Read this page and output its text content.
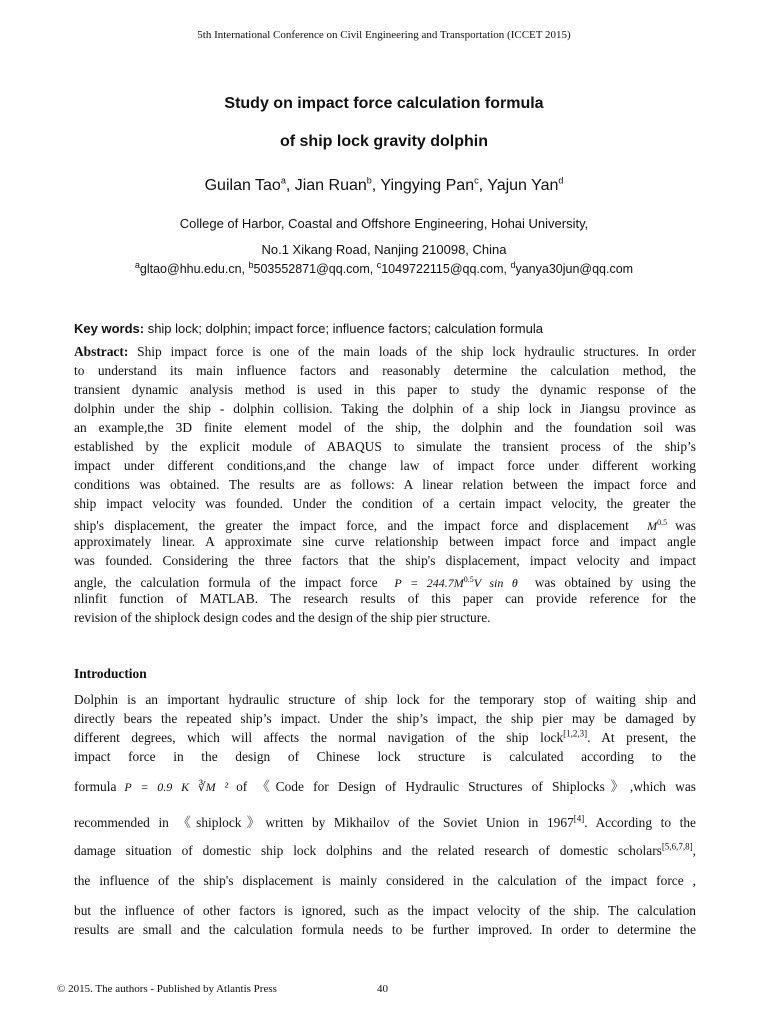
5th International Conference on Civil Engineering and Transportation (ICCET 2015)
Study on impact force calculation formula
of ship lock gravity dolphin
Guilan Tao$^a$, Jian Ruan$^b$, Yingying Pan$^c$, Yajun Yan$^d$
College of Harbor, Coastal and Offshore Engineering, Hohai University,
No.1 Xikang Road, Nanjing 210098, China
$^a$gltao@hhu.edu.cn, $^b$503552871@qq.com, $^c$1049722115@qq.com, $^d$yanya30jun@qq.com
Key words: ship lock; dolphin; impact force; influence factors; calculation formula
Abstract: Ship impact force is one of the main loads of the ship lock hydraulic structures. In order
to understand its main influence factors and reasonably determine the calculation method, the
transient dynamic analysis method is used in this paper to study the dynamic response of the
dolphin under the ship - dolphin collision. Taking the dolphin of a ship lock in Jiangsu province as
an example,the 3D finite element model of the ship, the dolphin and the foundation soil was
established by the explicit module of ABAQUS to simulate the transient process of the ship’s
impact under different conditions,and the change law of impact force under different working
conditions was obtained. The results are as follows: A linear relation between the impact force and
ship impact velocity was founded. Under the condition of a certain impact velocity, the greater the
ship's displacement, the greater the impact force, and the impact force and displacement $M^{0.5}$ was
approximately linear. A approximate sine curve relationship between impact force and impact angle
was founded. Considering the three factors that the ship's displacement, impact velocity and impact
angle, the calculation formula of the impact force $P = 244.7M^{0.5}V$ sin θ was obtained by using the
nlinfit function of MATLAB. The research results of this paper can provide reference for the
revision of the shiplock design codes and the design of the ship pier structure.
Introduction
Dolphin is an important hydraulic structure of ship lock for the temporary stop of waiting ship and
directly bears the repeated ship’s impact. Under the ship’s impact, the ship pier may be damaged by
different degrees, which will affects the normal navigation of the ship lock[1,2,3]. At present, the
impact force in the design of Chinese lock structure is calculated according to the
formula P = 0.9 K ∛M ² of 《Code for Design of Hydraulic Structures of Shiplocks》,which was
recommended in 《shiplock》written by Mikhailov of the Soviet Union in 1967[4]. According to the
damage situation of domestic ship lock dolphins and the related research of domestic scholars[5,6,7,8],
the influence of the ship's displacement is mainly considered in the calculation of the impact force ,
but the influence of other factors is ignored, such as the impact velocity of the ship. The calculation
results are small and the calculation formula needs to be further improved. In order to determine the
© 2015. The authors - Published by Atlantis Press	40
